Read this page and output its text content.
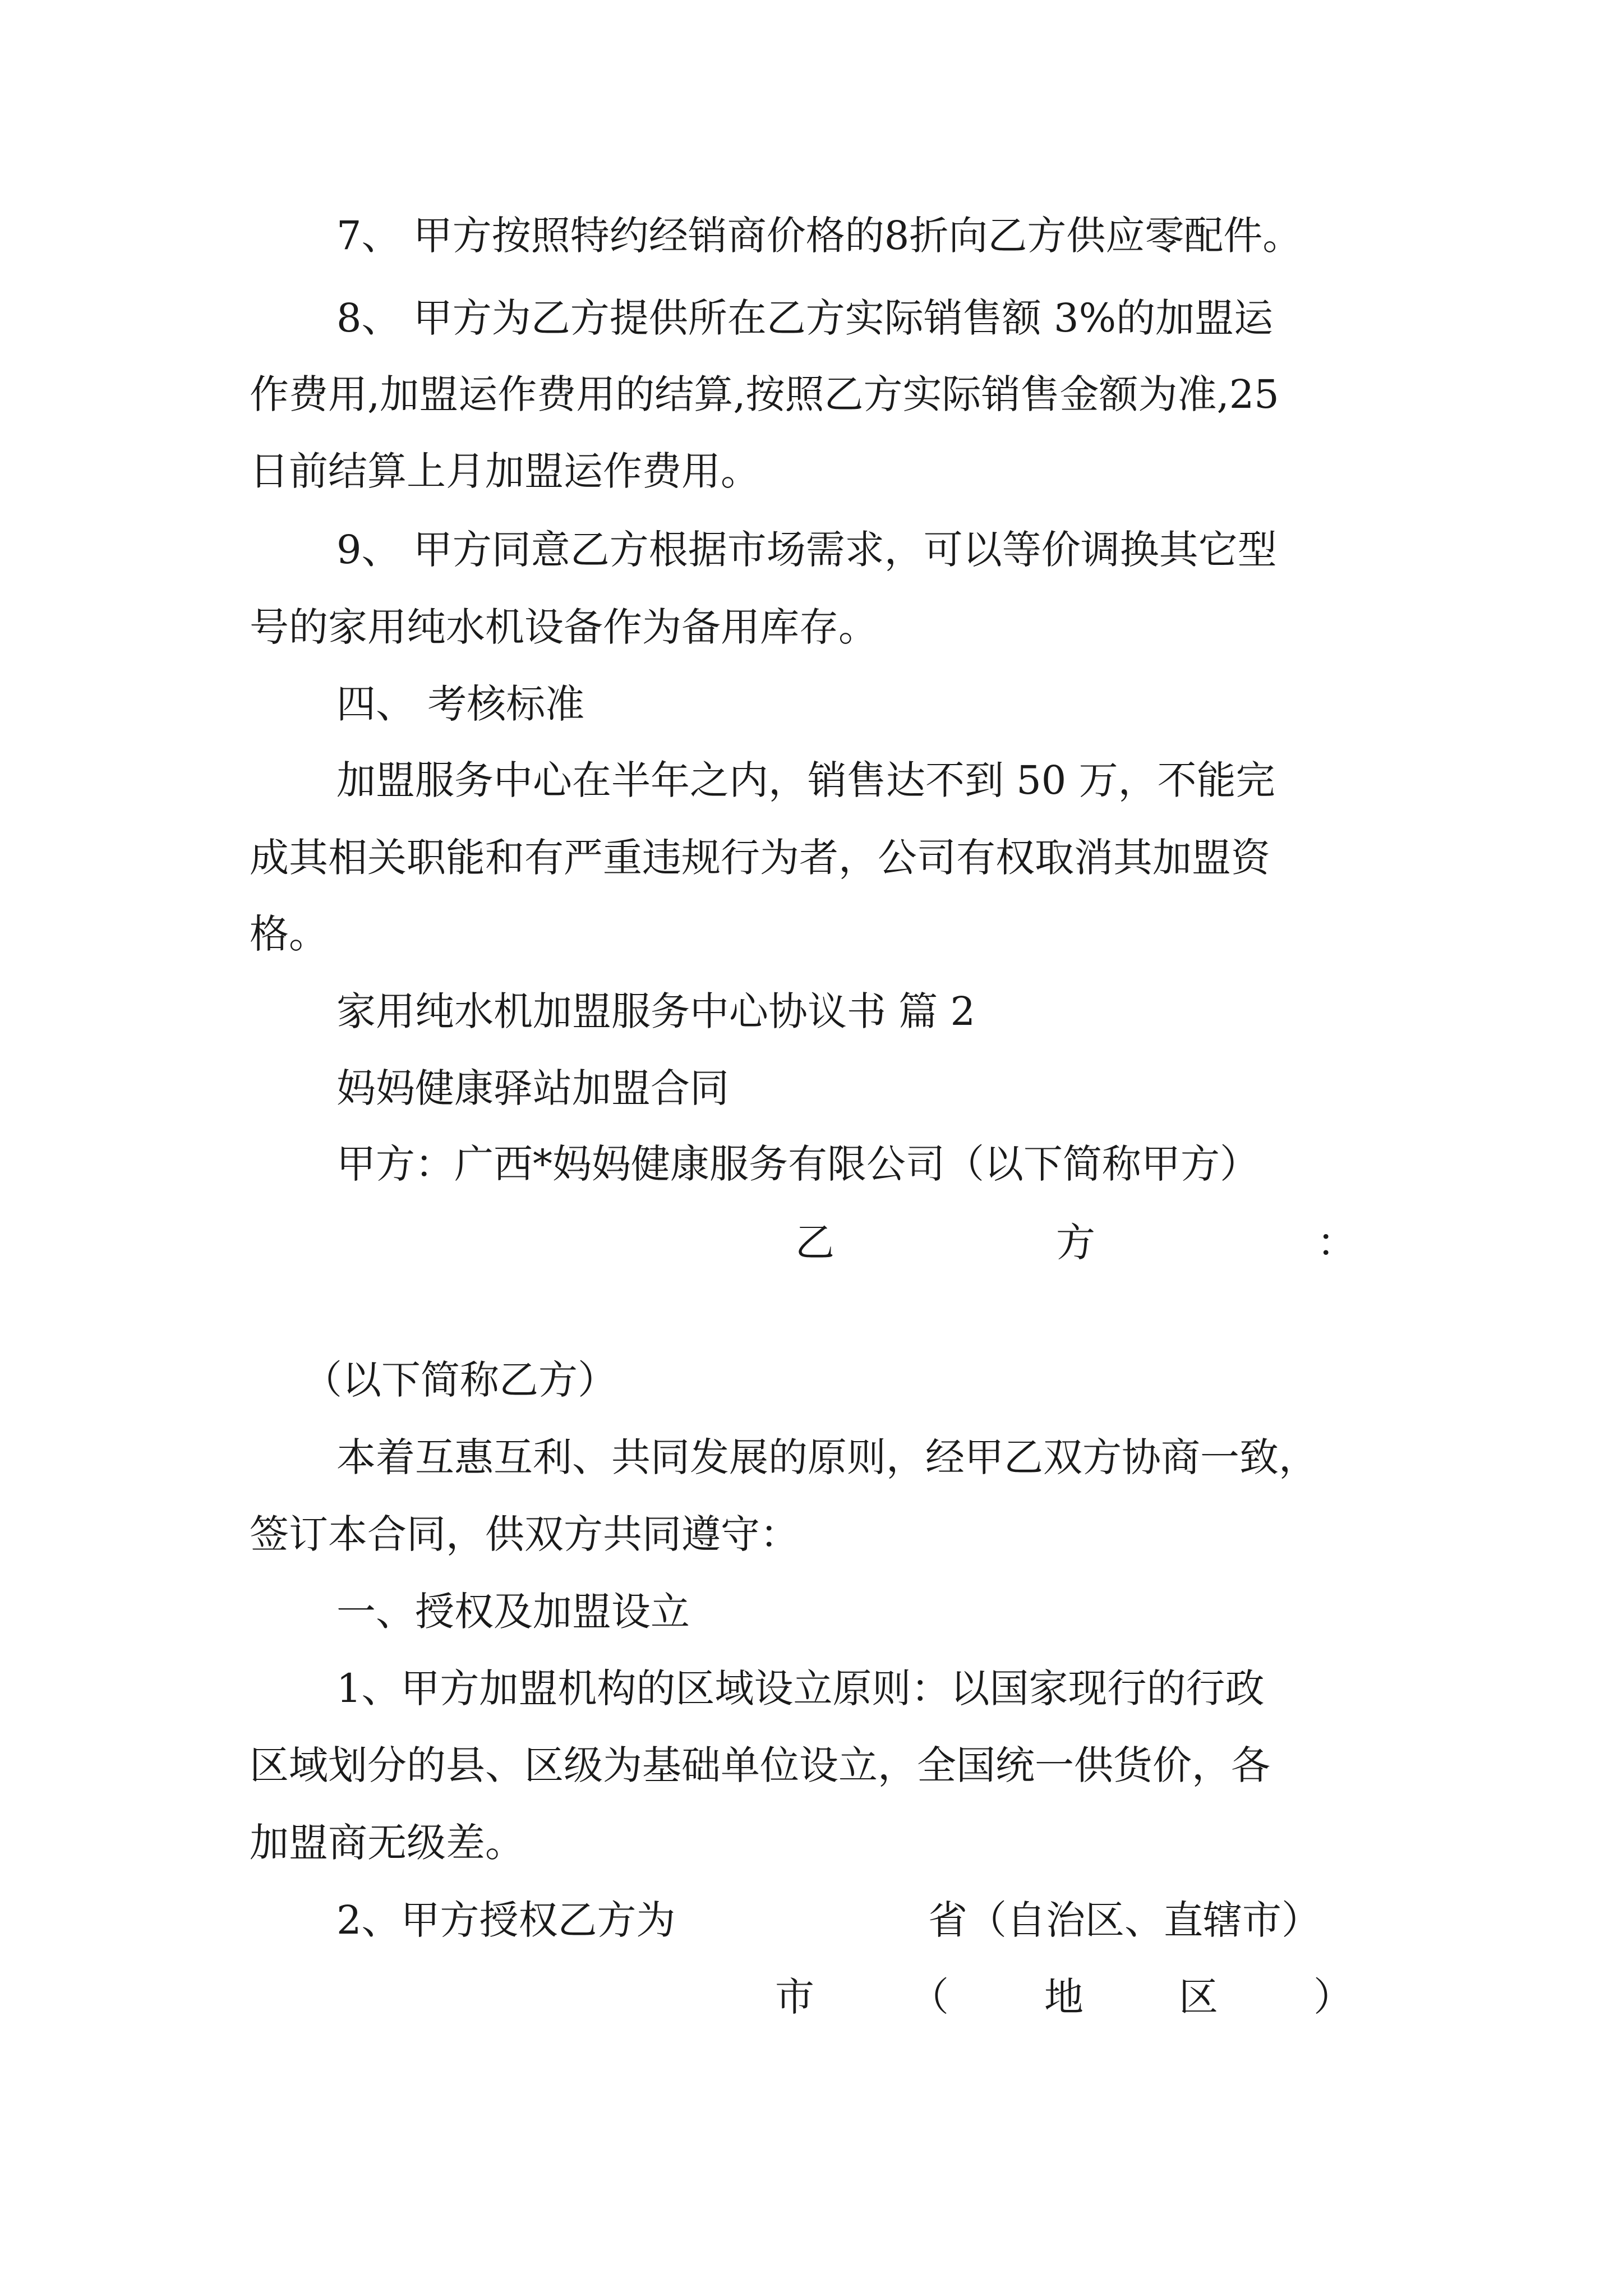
7、 甲方按照特约经销商价格的8折向乙方供应零配件。

8、 甲方为乙方提供所在乙方实际销售额 3%的加盟运

作费用,加盟运作费用的结算,按照乙方实际销售金额为准,25

日前结算上月加盟运作费用。

9、 甲方同意乙方根据市场需求，可以等价调换其它型

号的家用纯水机设备作为备用库存。

四、 考核标准

加盟服务中心在半年之内，销售达不到 50 万，不能完

成其相关职能和有严重违规行为者，公司有权取消其加盟资

格。

家用纯水机加盟服务中心协议书 篇 2

妈妈健康驿站加盟合同

甲方：广西*妈妈健康服务有限公司（以下简称甲方）

乙	方	：

（以下简称乙方）

本着互惠互利、共同发展的原则，经甲乙双方协商一致，

签订本合同，供双方共同遵守：

一、授权及加盟设立

1、甲方加盟机构的区域设立原则：以国家现行的行政

区域划分的县、区级为基础单位设立，全国统一供货价，各

加盟商无级差。

2、甲方授权乙方为	省（自治区、直辖市）

市 （ 地 区 ）
